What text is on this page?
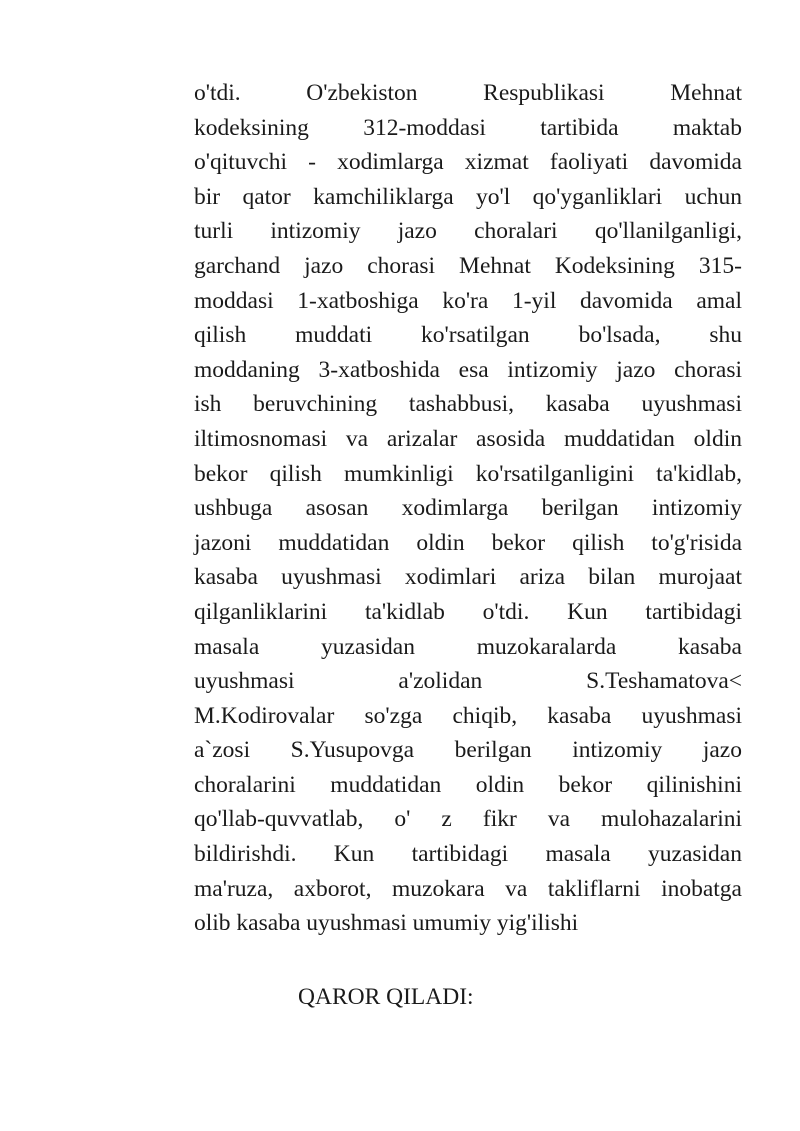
o'tdi. O'zbekiston Respublikasi Mehnat
kodeksining 312-moddasi tartibida maktab
o'qituvchi - xodimlarga xizmat faoliyati davomida
bir qator kamchiliklarga yo'l qo'yganliklari uchun
turli intizomiy jazo choralari qo'llanilganligi,
garchand jazo chorasi Mehnat Kodeksining 315-
moddasi 1-xatboshiga ko'ra 1-yil davomida amal
qilish muddati ko'rsatilgan bo'lsada, shu
moddaning 3-xatboshida esa intizomiy jazo chorasi
ish beruvchining tashabbusi, kasaba uyushmasi
iltimosnomasi va arizalar asosida muddatidan oldin
bekor qilish mumkinligi ko'rsatilganligini ta'kidlab,
ushbuga asosan xodimlarga berilgan intizomiy
jazoni muddatidan oldin bekor qilish to'g'risida
kasaba uyushmasi xodimlari ariza bilan murojaat
qilganliklarini ta'kidlab o'tdi. Kun tartibidagi
masala yuzasidan muzokaralarda kasaba
uyushmasi a'zolidan S.Teshamatova<
M.Kodirovalar so'zga chiqib, kasaba uyushmasi
a`zosi S.Yusupovga berilgan intizomiy jazo
choralarini muddatidan oldin bekor qilinishini
qo'llab-quvvatlab, o' z fikr va mulohazalarini
bildirishdi. Kun tartibidagi masala yuzasidan
ma'ruza, axborot, muzokara va takliflarni inobatga
olib kasaba uyushmasi umumiy yig'ilishi
QAROR QILADI:
